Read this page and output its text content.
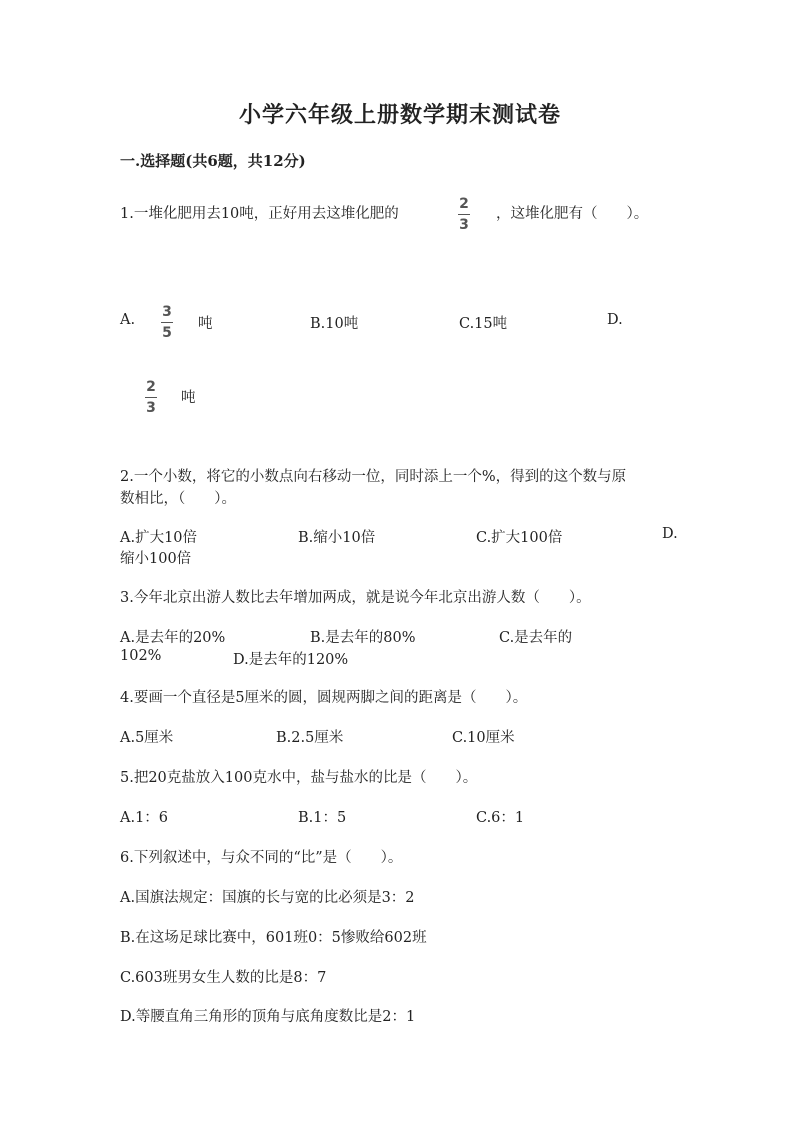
小学六年级上册数学期末测试卷
一.选择题(共6题，共12分)
1.一堆化肥用去10吨，正好用去这堆化肥的
2
3
，这堆化肥有（　　）。
A. 3
5
吨	B.10吨	C.15吨	D.
2
3
吨
2.一个小数，将它的小数点向右移动一位，同时添上一个%，得到的这个数与原
数相比，（　　）。
A.扩大10倍	B.缩小10倍	C.扩大100倍	D.
缩小100倍
3.今年北京出游人数比去年增加两成，就是说今年北京出游人数（　　）。
A.是去年的20%	B.是去年的80%	C.是去年的
102%	D.是去年的120%
4.要画一个直径是5厘米的圆，圆规两脚之间的距离是（　　）。
A.5厘米	B.2.5厘米	C.10厘米
5.把20克盐放入100克水中，盐与盐水的比是（　　）。
A.1：6	B.1：5	C.6：1
6.下列叙述中，与众不同的“比”是（　　）。
A.国旗法规定：国旗的长与宽的比必须是3：2
B.在这场足球比赛中，601班0：5惨败给602班
C.603班男女生人数的比是8：7
D.等腰直角三角形的顶角与底角度数比是2：1
